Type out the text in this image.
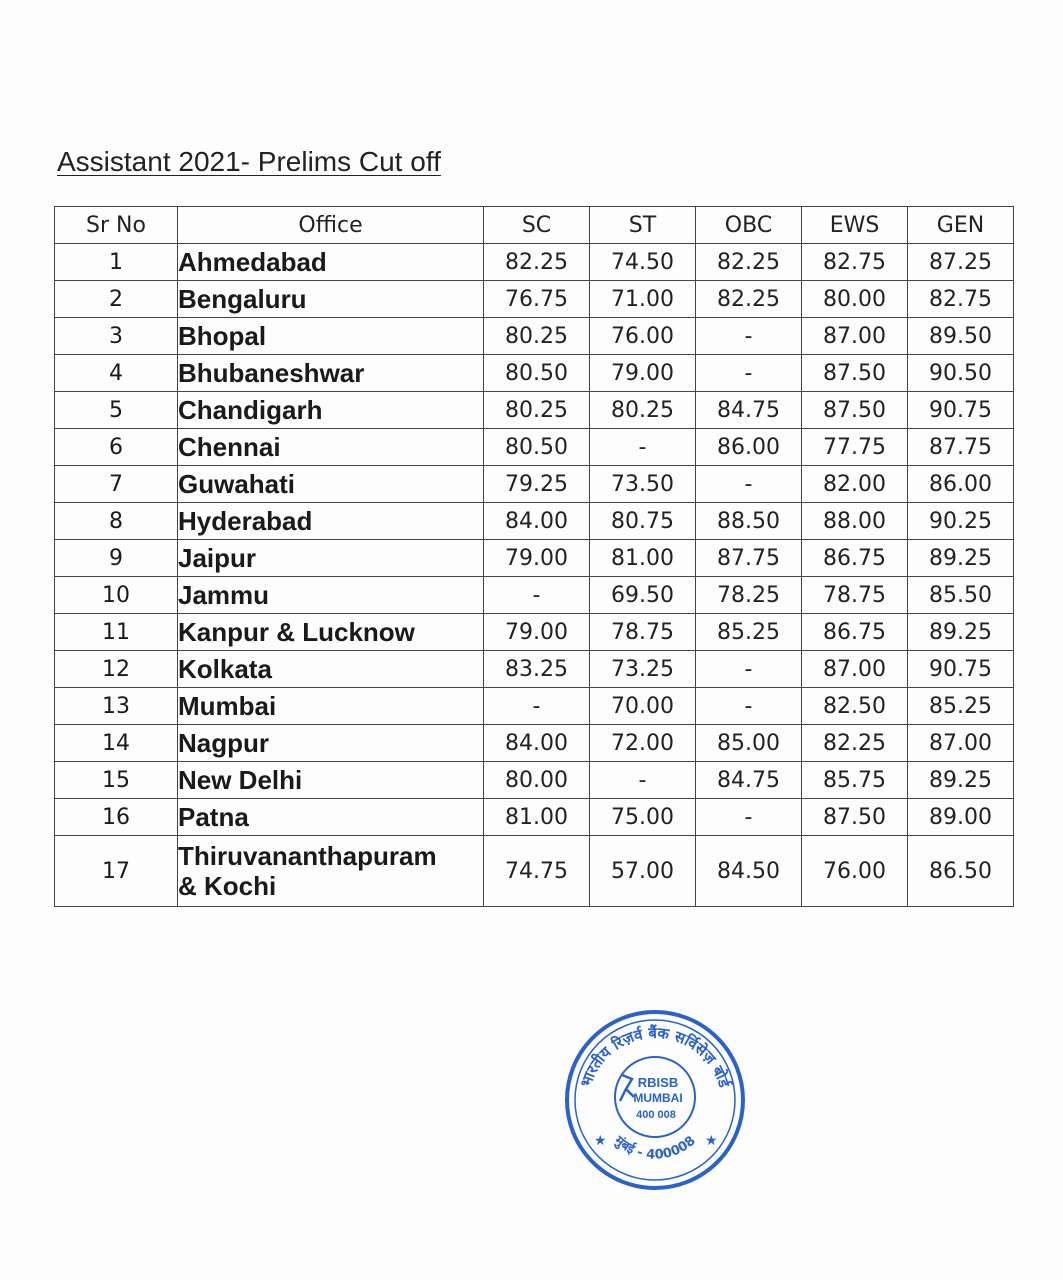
Assistant 2021- Prelims Cut off
Sr No	Office	SC	ST	OBC	EWS	GEN
1	Ahmedabad	82.25	74.50	82.25	82.75	87.25
2	Bengaluru	76.75	71.00	82.25	80.00	82.75
3	Bhopal	80.25	76.00	-	87.00	89.50
4	Bhubaneshwar	80.50	79.00	-	87.50	90.50
5	Chandigarh	80.25	80.25	84.75	87.50	90.75
6	Chennai	80.50	-	86.00	77.75	87.75
7	Guwahati	79.25	73.50	-	82.00	86.00
8	Hyderabad	84.00	80.75	88.50	88.00	90.25
9	Jaipur	79.00	81.00	87.75	86.75	89.25
10	Jammu	-	69.50	78.25	78.75	85.50
11	Kanpur & Lucknow	79.00	78.75	85.25	86.75	89.25
12	Kolkata	83.25	73.25	-	87.00	90.75
13	Mumbai	-	70.00	-	82.50	85.25
14	Nagpur	84.00	72.00	85.00	82.25	87.00
15	New Delhi	80.00	-	84.75	85.75	89.25
16	Patna	81.00	75.00	-	87.50	89.00
17	Thiruvananthapuram
& Kochi	74.75	57.00	84.50	76.00	86.50
भारतीय रिज़र्व बैंक सर्विसेज़ बोर्ड
मुंबई - 400008
★	★
RBISB
MUMBAI
400 008
